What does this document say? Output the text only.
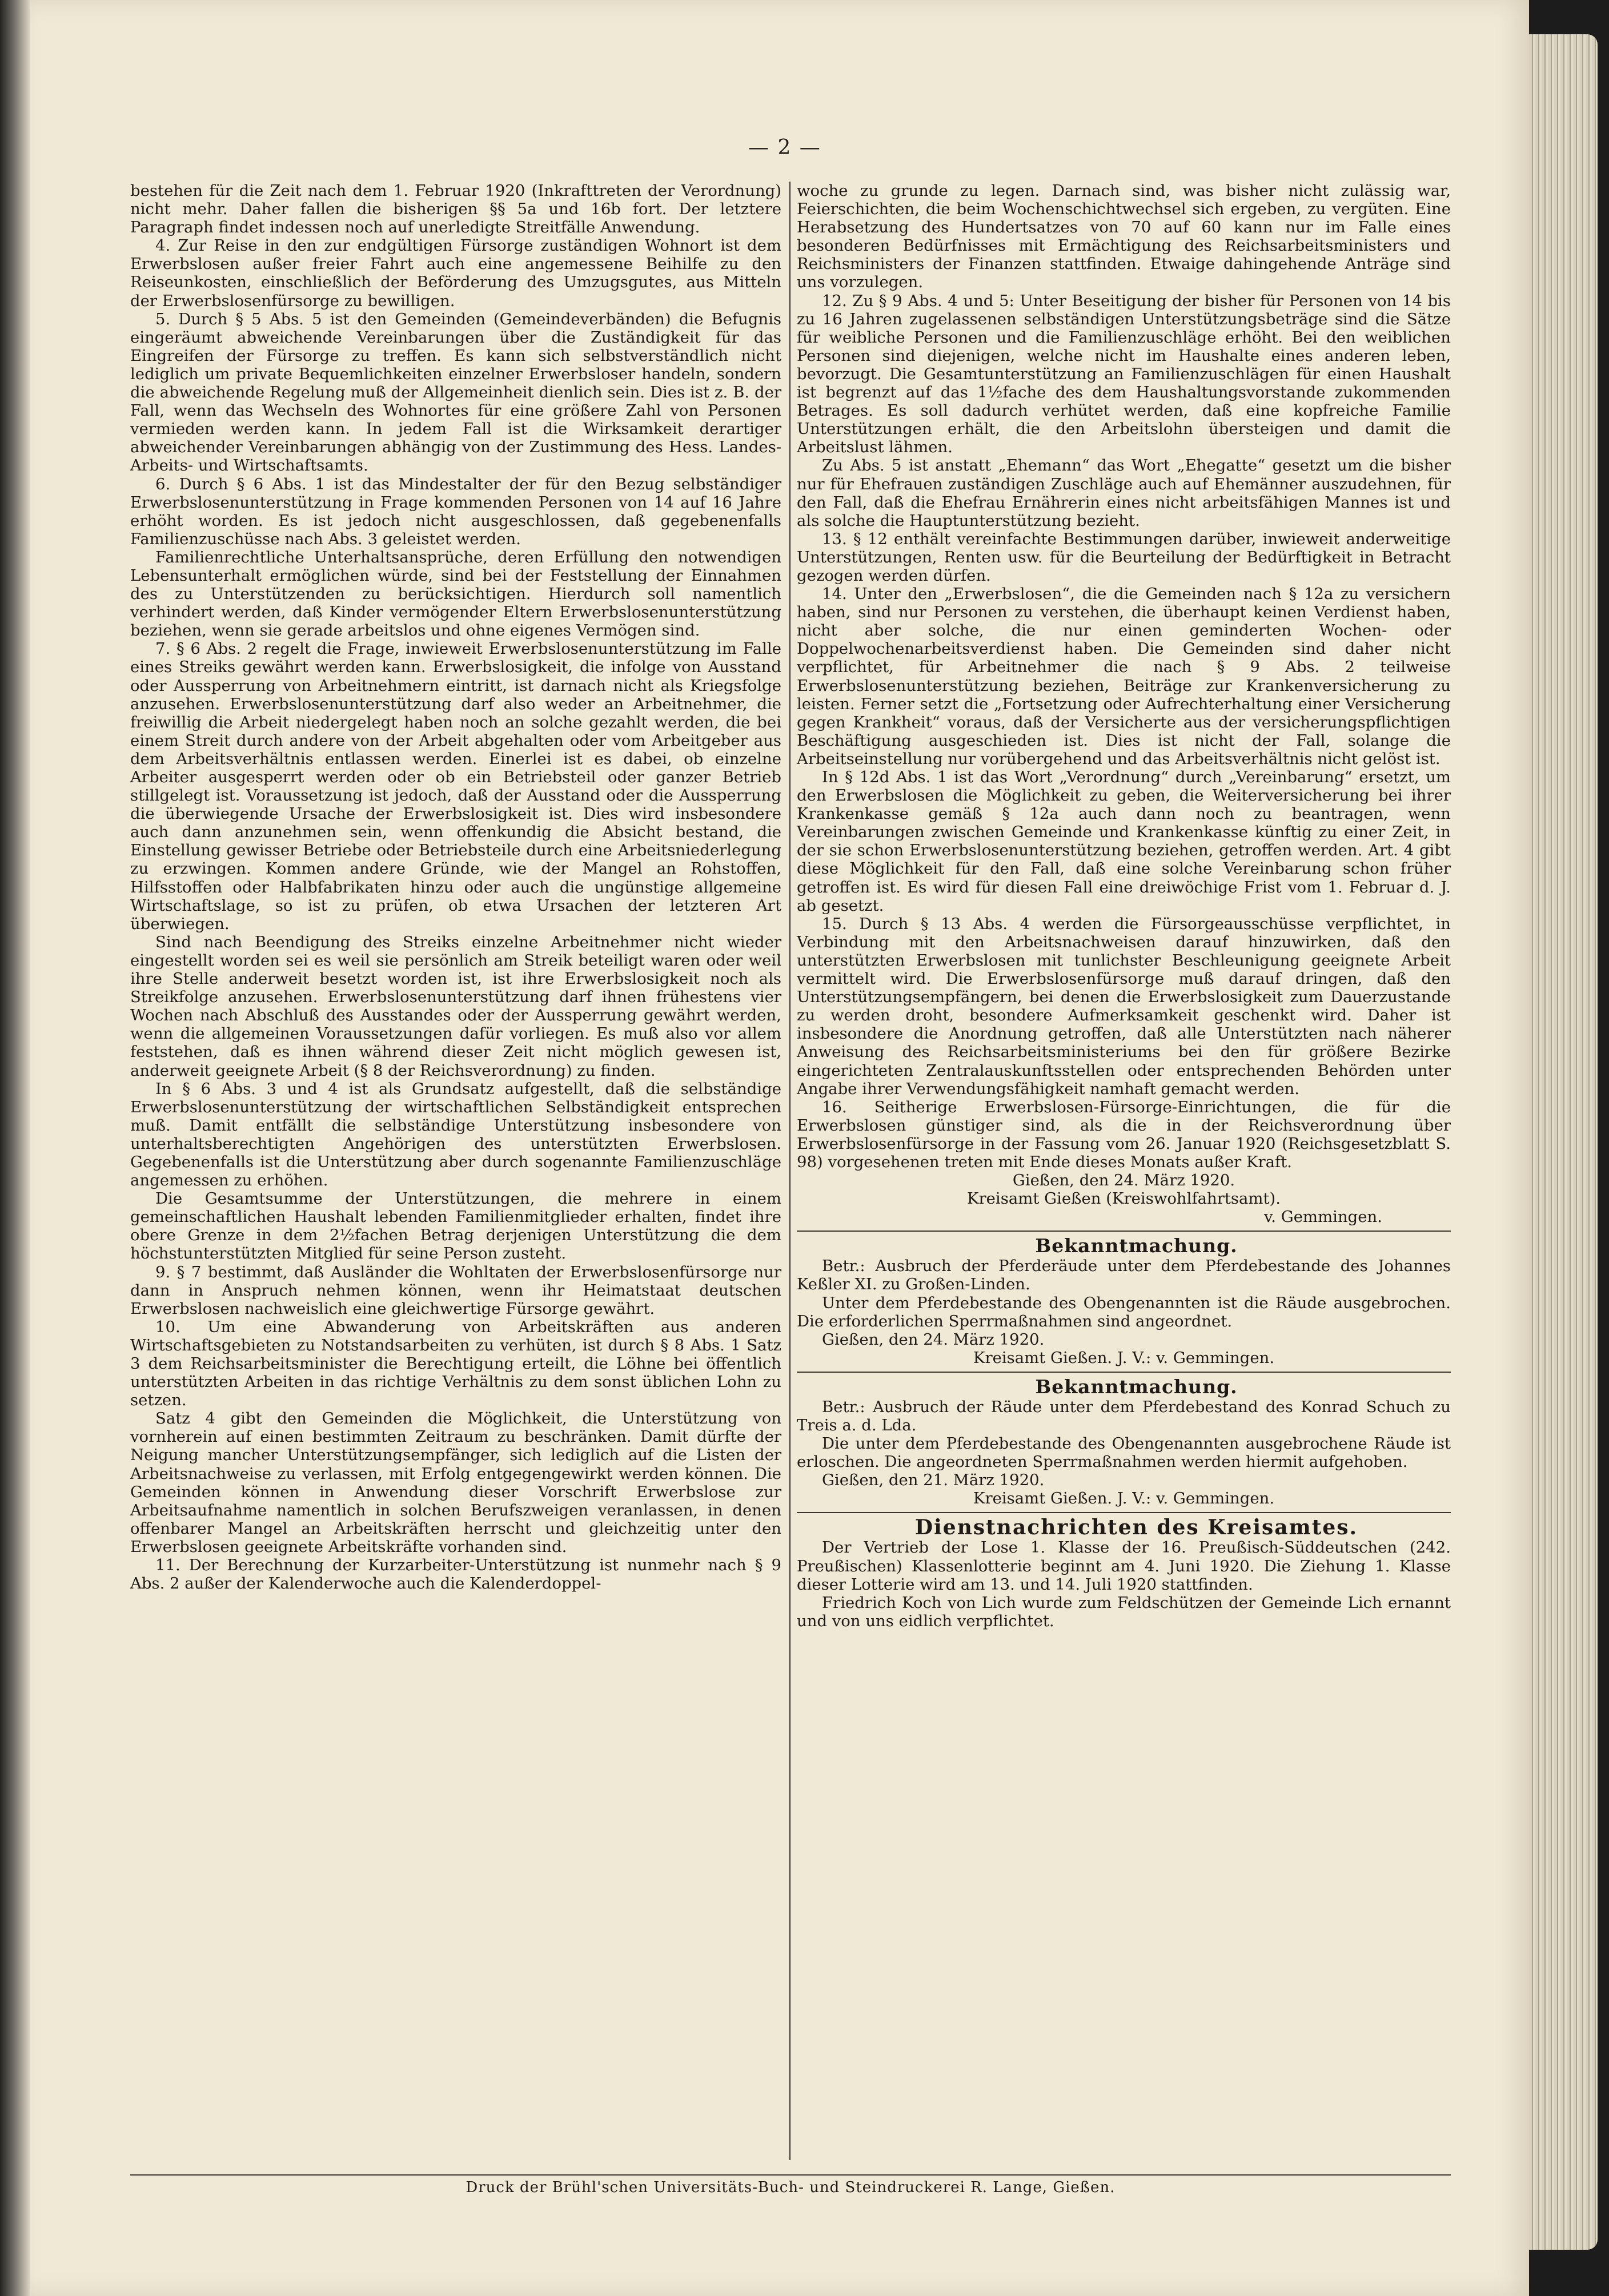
— 2 —

bestehen für die Zeit nach dem 1. Februar 1920 (Inkrafttreten der Verordnung) nicht mehr. Daher fallen die bisherigen §§ 5a und 16b fort. Der letztere Paragraph findet indessen noch auf unerledigte Streitfälle Anwendung.

4. Zur Reise in den zur endgültigen Fürsorge zuständigen Wohnort ist dem Erwerbslosen außer freier Fahrt auch eine angemessene Beihilfe zu den Reiseunkosten, einschließlich der Beförderung des Umzugsgutes, aus Mitteln der Erwerbslosenfürsorge zu bewilligen.

5. Durch § 5 Abs. 5 ist den Gemeinden (Gemeindeverbänden) die Befugnis eingeräumt abweichende Vereinbarungen über die Zuständigkeit für das Eingreifen der Fürsorge zu treffen. Es kann sich selbstverständlich nicht lediglich um private Bequemlichkeiten einzelner Erwerbsloser handeln, sondern die abweichende Regelung muß der Allgemeinheit dienlich sein. Dies ist z. B. der Fall, wenn das Wechseln des Wohnortes für eine größere Zahl von Personen vermieden werden kann. In jedem Fall ist die Wirksamkeit derartiger abweichender Vereinbarungen abhängig von der Zustimmung des Hess. Landes-Arbeits- und Wirtschaftsamts.

6. Durch § 6 Abs. 1 ist das Mindestalter der für den Bezug selbständiger Erwerbslosenunterstützung in Frage kommenden Personen von 14 auf 16 Jahre erhöht worden. Es ist jedoch nicht ausgeschlossen, daß gegebenenfalls Familienzuschüsse nach Abs. 3 geleistet werden.

Familienrechtliche Unterhaltsansprüche, deren Erfüllung den notwendigen Lebensunterhalt ermöglichen würde, sind bei der Feststellung der Einnahmen des zu Unterstützenden zu berücksichtigen. Hierdurch soll namentlich verhindert werden, daß Kinder vermögender Eltern Erwerbslosenunterstützung beziehen, wenn sie gerade arbeitslos und ohne eigenes Vermögen sind.

7. § 6 Abs. 2 regelt die Frage, inwieweit Erwerbslosenunterstützung im Falle eines Streiks gewährt werden kann. Erwerbslosigkeit, die infolge von Ausstand oder Aussperrung von Arbeitnehmern eintritt, ist darnach nicht als Kriegsfolge anzusehen. Erwerbslosenunterstützung darf also weder an Arbeitnehmer, die freiwillig die Arbeit niedergelegt haben noch an solche gezahlt werden, die bei einem Streit durch andere von der Arbeit abgehalten oder vom Arbeitgeber aus dem Arbeitsverhältnis entlassen werden. Einerlei ist es dabei, ob einzelne Arbeiter ausgesperrt werden oder ob ein Betriebsteil oder ganzer Betrieb stillgelegt ist. Voraussetzung ist jedoch, daß der Ausstand oder die Aussperrung die überwiegende Ursache der Erwerbslosigkeit ist. Dies wird insbesondere auch dann anzunehmen sein, wenn offenkundig die Absicht bestand, die Einstellung gewisser Betriebe oder Betriebsteile durch eine Arbeitsniederlegung zu erzwingen. Kommen andere Gründe, wie der Mangel an Rohstoffen, Hilfsstoffen oder Halbfabrikaten hinzu oder auch die ungünstige allgemeine Wirtschaftslage, so ist zu prüfen, ob etwa Ursachen der letzteren Art überwiegen.

Sind nach Beendigung des Streiks einzelne Arbeitnehmer nicht wieder eingestellt worden sei es weil sie persönlich am Streik beteiligt waren oder weil ihre Stelle anderweit besetzt worden ist, ist ihre Erwerbslosigkeit noch als Streikfolge anzusehen. Erwerbslosenunterstützung darf ihnen frühestens vier Wochen nach Abschluß des Ausstandes oder der Aussperrung gewährt werden, wenn die allgemeinen Voraussetzungen dafür vorliegen. Es muß also vor allem feststehen, daß es ihnen während dieser Zeit nicht möglich gewesen ist, anderweit geeignete Arbeit (§ 8 der Reichsverordnung) zu finden.

In § 6 Abs. 3 und 4 ist als Grundsatz aufgestellt, daß die selbständige Erwerbslosenunterstützung der wirtschaftlichen Selbständigkeit entsprechen muß. Damit entfällt die selbständige Unterstützung insbesondere von unterhaltsberechtigten Angehörigen des unterstützten Erwerbslosen. Gegebenenfalls ist die Unterstützung aber durch sogenannte Familienzuschläge angemessen zu erhöhen.

Die Gesamtsumme der Unterstützungen, die mehrere in einem gemeinschaftlichen Haushalt lebenden Familienmitglieder erhalten, findet ihre obere Grenze in dem 2½fachen Betrag derjenigen Unterstützung die dem höchstunterstützten Mitglied für seine Person zusteht.

9. § 7 bestimmt, daß Ausländer die Wohltaten der Erwerbslosenfürsorge nur dann in Anspruch nehmen können, wenn ihr Heimatstaat deutschen Erwerbslosen nachweislich eine gleichwertige Fürsorge gewährt.

10. Um eine Abwanderung von Arbeitskräften aus anderen Wirtschaftsgebieten zu Notstandsarbeiten zu verhüten, ist durch § 8 Abs. 1 Satz 3 dem Reichsarbeitsminister die Berechtigung erteilt, die Löhne bei öffentlich unterstützten Arbeiten in das richtige Verhältnis zu dem sonst üblichen Lohn zu setzen.

Satz 4 gibt den Gemeinden die Möglichkeit, die Unterstützung von vornherein auf einen bestimmten Zeitraum zu beschränken. Damit dürfte der Neigung mancher Unterstützungsempfänger, sich lediglich auf die Listen der Arbeitsnachweise zu verlassen, mit Erfolg entgegengewirkt werden können. Die Gemeinden können in Anwendung dieser Vorschrift Erwerbslose zur Arbeitsaufnahme namentlich in solchen Berufszweigen veranlassen, in denen offenbarer Mangel an Arbeitskräften herrscht und gleichzeitig unter den Erwerbslosen geeignete Arbeitskräfte vorhanden sind.

11. Der Berechnung der Kurzarbeiter-Unterstützung ist nunmehr nach § 9 Abs. 2 außer der Kalenderwoche auch die Kalenderdoppel-

woche zu grunde zu legen. Darnach sind, was bisher nicht zulässig war, Feierschichten, die beim Wochenschichtwechsel sich ergeben, zu vergüten. Eine Herabsetzung des Hundertsatzes von 70 auf 60 kann nur im Falle eines besonderen Bedürfnisses mit Ermächtigung des Reichsarbeitsministers und Reichsministers der Finanzen stattfinden. Etwaige dahingehende Anträge sind uns vorzulegen.

12. Zu § 9 Abs. 4 und 5: Unter Beseitigung der bisher für Personen von 14 bis zu 16 Jahren zugelassenen selbständigen Unterstützungsbeträge sind die Sätze für weibliche Personen und die Familienzuschläge erhöht. Bei den weiblichen Personen sind diejenigen, welche nicht im Haushalte eines anderen leben, bevorzugt. Die Gesamtunterstützung an Familienzuschlägen für einen Haushalt ist begrenzt auf das 1½fache des dem Haushaltungsvorstande zukommenden Betrages. Es soll dadurch verhütet werden, daß eine kopfreiche Familie Unterstützungen erhält, die den Arbeitslohn übersteigen und damit die Arbeitslust lähmen.

Zu Abs. 5 ist anstatt „Ehemann“ das Wort „Ehegatte“ gesetzt um die bisher nur für Ehefrauen zuständigen Zuschläge auch auf Ehemänner auszudehnen, für den Fall, daß die Ehefrau Ernährerin eines nicht arbeitsfähigen Mannes ist und als solche die Hauptunterstützung bezieht.

13. § 12 enthält vereinfachte Bestimmungen darüber, inwieweit anderweitige Unterstützungen, Renten usw. für die Beurteilung der Bedürftigkeit in Betracht gezogen werden dürfen.

14. Unter den „Erwerbslosen“, die die Gemeinden nach § 12a zu versichern haben, sind nur Personen zu verstehen, die überhaupt keinen Verdienst haben, nicht aber solche, die nur einen geminderten Wochen- oder Doppelwochenarbeitsverdienst haben. Die Gemeinden sind daher nicht verpflichtet, für Arbeitnehmer die nach § 9 Abs. 2 teilweise Erwerbslosenunterstützung beziehen, Beiträge zur Krankenversicherung zu leisten. Ferner setzt die „Fortsetzung oder Aufrechterhaltung einer Versicherung gegen Krankheit“ voraus, daß der Versicherte aus der versicherungspflichtigen Beschäftigung ausgeschieden ist. Dies ist nicht der Fall, solange die Arbeitseinstellung nur vorübergehend und das Arbeitsverhältnis nicht gelöst ist.

In § 12d Abs. 1 ist das Wort „Verordnung“ durch „Vereinbarung“ ersetzt, um den Erwerbslosen die Möglichkeit zu geben, die Weiterversicherung bei ihrer Krankenkasse gemäß § 12a auch dann noch zu beantragen, wenn Vereinbarungen zwischen Gemeinde und Krankenkasse künftig zu einer Zeit, in der sie schon Erwerbslosenunterstützung beziehen, getroffen werden. Art. 4 gibt diese Möglichkeit für den Fall, daß eine solche Vereinbarung schon früher getroffen ist. Es wird für diesen Fall eine dreiwöchige Frist vom 1. Februar d. J. ab gesetzt.

15. Durch § 13 Abs. 4 werden die Fürsorgeausschüsse verpflichtet, in Verbindung mit den Arbeitsnachweisen darauf hinzuwirken, daß den unterstützten Erwerbslosen mit tunlichster Beschleunigung geeignete Arbeit vermittelt wird. Die Erwerbslosenfürsorge muß darauf dringen, daß den Unterstützungsempfängern, bei denen die Erwerbslosigkeit zum Dauerzustande zu werden droht, besondere Aufmerksamkeit geschenkt wird. Daher ist insbesondere die Anordnung getroffen, daß alle Unterstützten nach näherer Anweisung des Reichsarbeitsministeriums bei den für größere Bezirke eingerichteten Zentralauskunftsstellen oder entsprechenden Behörden unter Angabe ihrer Verwendungsfähigkeit namhaft gemacht werden.

16. Seitherige Erwerbslosen-Fürsorge-Einrichtungen, die für die Erwerbslosen günstiger sind, als die in der Reichsverordnung über Erwerbslosenfürsorge in der Fassung vom 26. Januar 1920 (Reichsgesetzblatt S. 98) vorgesehenen treten mit Ende dieses Monats außer Kraft.

Gießen, den 24. März 1920.

Kreisamt Gießen (Kreiswohlfahrtsamt).

v. Gemmingen.

Bekanntmachung.

Betr.: Ausbruch der Pferderäude unter dem Pferdebestande des Johannes Keßler XI. zu Großen-Linden.

Unter dem Pferdebestande des Obengenannten ist die Räude ausgebrochen. Die erforderlichen Sperrmaßnahmen sind angeordnet.

Gießen, den 24. März 1920.

Kreisamt Gießen. J. V.: v. Gemmingen.

Bekanntmachung.

Betr.: Ausbruch der Räude unter dem Pferdebestand des Konrad Schuch zu Treis a. d. Lda.

Die unter dem Pferdebestande des Obengenannten ausgebrochene Räude ist erloschen. Die angeordneten Sperrmaßnahmen werden hiermit aufgehoben.

Gießen, den 21. März 1920.

Kreisamt Gießen. J. V.: v. Gemmingen.

Dienstnachrichten des Kreisamtes.

Der Vertrieb der Lose 1. Klasse der 16. Preußisch-Süddeutschen (242. Preußischen) Klassenlotterie beginnt am 4. Juni 1920. Die Ziehung 1. Klasse dieser Lotterie wird am 13. und 14. Juli 1920 stattfinden.

Friedrich Koch von Lich wurde zum Feldschützen der Gemeinde Lich ernannt und von uns eidlich verpflichtet.

Druck der Brühl'schen Universitäts-Buch- und Steindruckerei R. Lange, Gießen.
